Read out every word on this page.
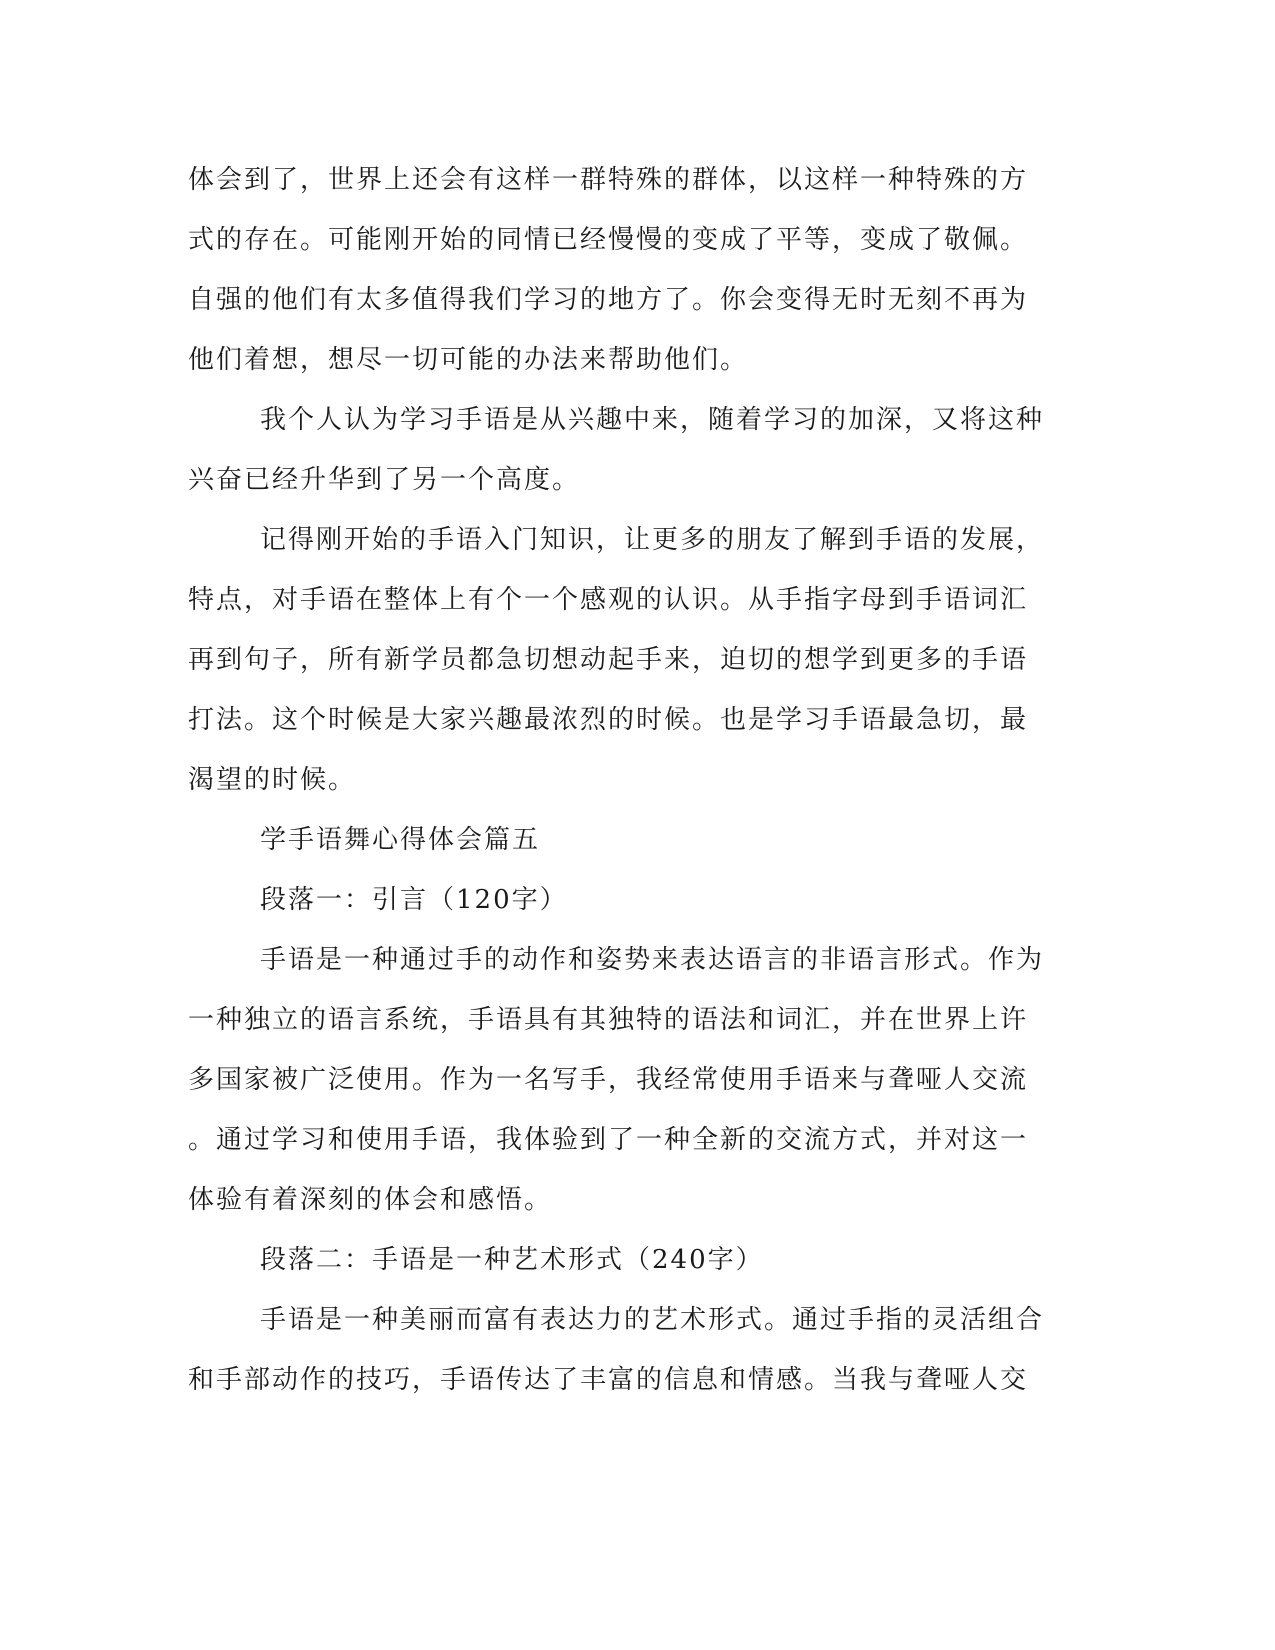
体会到了，世界上还会有这样一群特殊的群体，以这样一种特殊的方
式的存在。可能刚开始的同情已经慢慢的变成了平等，变成了敬佩。
自强的他们有太多值得我们学习的地方了。你会变得无时无刻不再为
他们着想，想尽一切可能的办法来帮助他们。
我个人认为学习手语是从兴趣中来，随着学习的加深，又将这种
兴奋已经升华到了另一个高度。
记得刚开始的手语入门知识，让更多的朋友了解到手语的发展，
特点，对手语在整体上有个一个感观的认识。从手指字母到手语词汇
再到句子，所有新学员都急切想动起手来，迫切的想学到更多的手语
打法。这个时候是大家兴趣最浓烈的时候。也是学习手语最急切，最
渴望的时候。
学手语舞心得体会篇五
段落一：引言（120字）
手语是一种通过手的动作和姿势来表达语言的非语言形式。作为
一种独立的语言系统，手语具有其独特的语法和词汇，并在世界上许
多国家被广泛使用。作为一名写手，我经常使用手语来与聋哑人交流
。通过学习和使用手语，我体验到了一种全新的交流方式，并对这一
体验有着深刻的体会和感悟。
段落二：手语是一种艺术形式（240字）
手语是一种美丽而富有表达力的艺术形式。通过手指的灵活组合
和手部动作的技巧，手语传达了丰富的信息和情感。当我与聋哑人交
